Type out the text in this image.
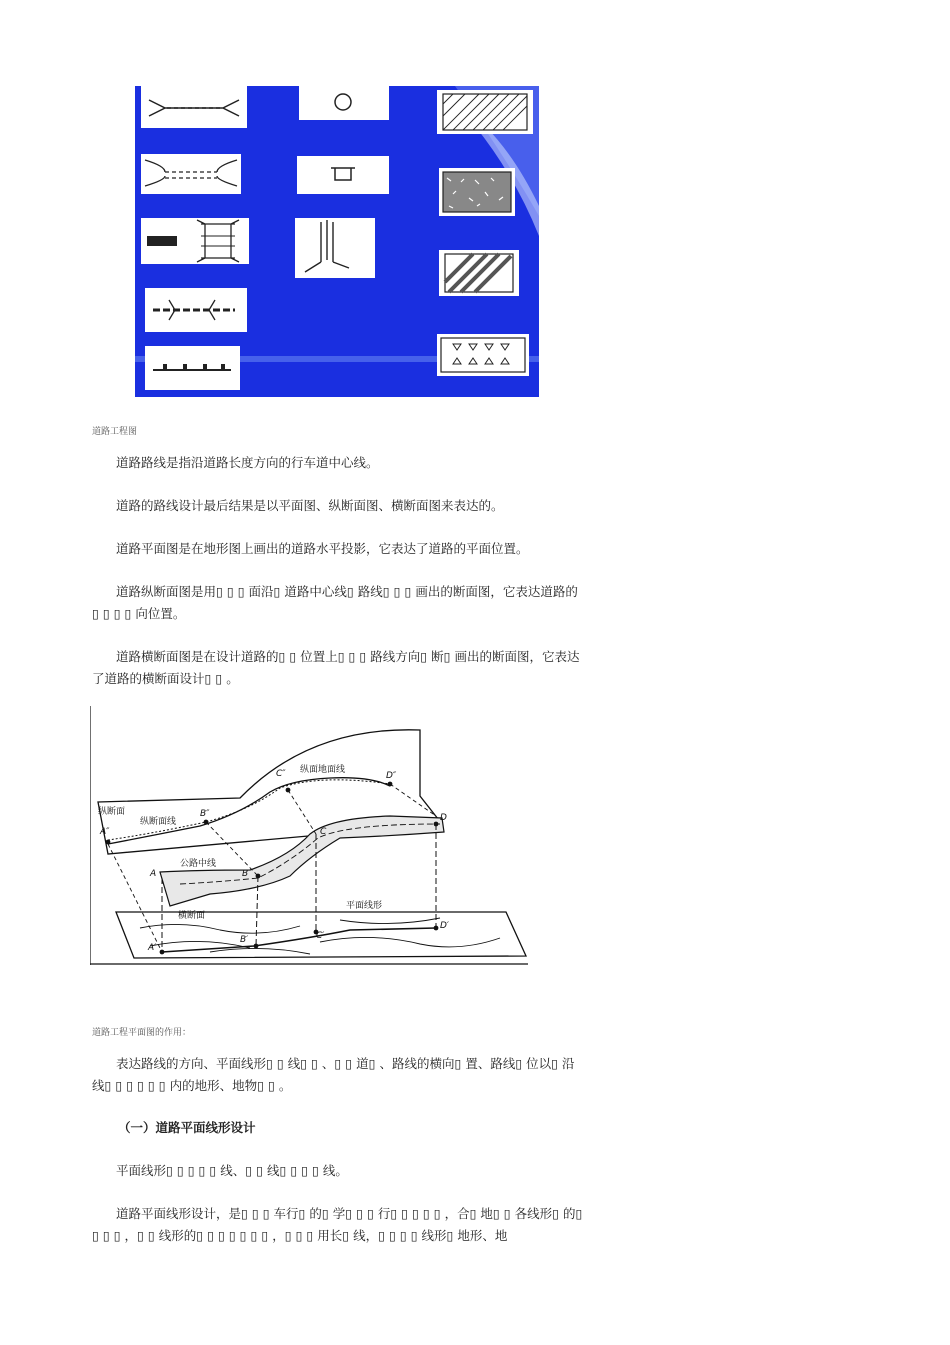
道路工程图

道路路线是指沿道路长度方向的行车道中心线。

道路的路线设计最后结果是以平面图、纵断面图、横断面图来表达的。

道路平面图是在地形图上画出的道路水平投影，它表达了道路的平面位置。

道路纵断面图是用▯ ▯ ▯ 面沿▯ 道路中心线▯ 路线▯ ▯ ▯ 画出的断面图，它表达道路的▯ ▯ ▯ ▯ 向位置。

道路横断面图是在设计道路的▯ ▯ 位置上▯ ▯ ▯ 路线方向▯ 断▯ 画出的断面图，它表达了道路的横断面设计▯ ▯ 。

纵断面
纵断面线
纵面地面线
公路中线
横断面
平面线形
A″
B″
C″	D″
A	B
C
D
A′
B′	C′
D′
道路工程平面图的作用：

表达路线的方向、平面线形▯ ▯ 线▯ ▯ 、▯ ▯ 道▯ 、路线的横向▯ 置、路线▯ 位以▯ 沿线▯ ▯ ▯ ▯ ▯ ▯ 内的地形、地物▯ ▯ 。

（一）道路平面线形设计

平面线形▯ ▯ ▯ ▯ ▯ 线、▯ ▯ 线▯ ▯ ▯ ▯ 线。

道路平面线形设计，是▯ ▯ ▯ 车行▯ 的▯ 学▯ ▯ ▯ 行▯ ▯ ▯ ▯ ▯ ，合▯ 地▯ ▯ 各线形▯ 的▯ ▯ ▯ ▯ ，▯ ▯ 线形的▯ ▯ ▯ ▯ ▯ ▯ ▯ ，▯ ▯ ▯ 用长▯ 线，▯ ▯ ▯ ▯ 线形▯ 地形、地
